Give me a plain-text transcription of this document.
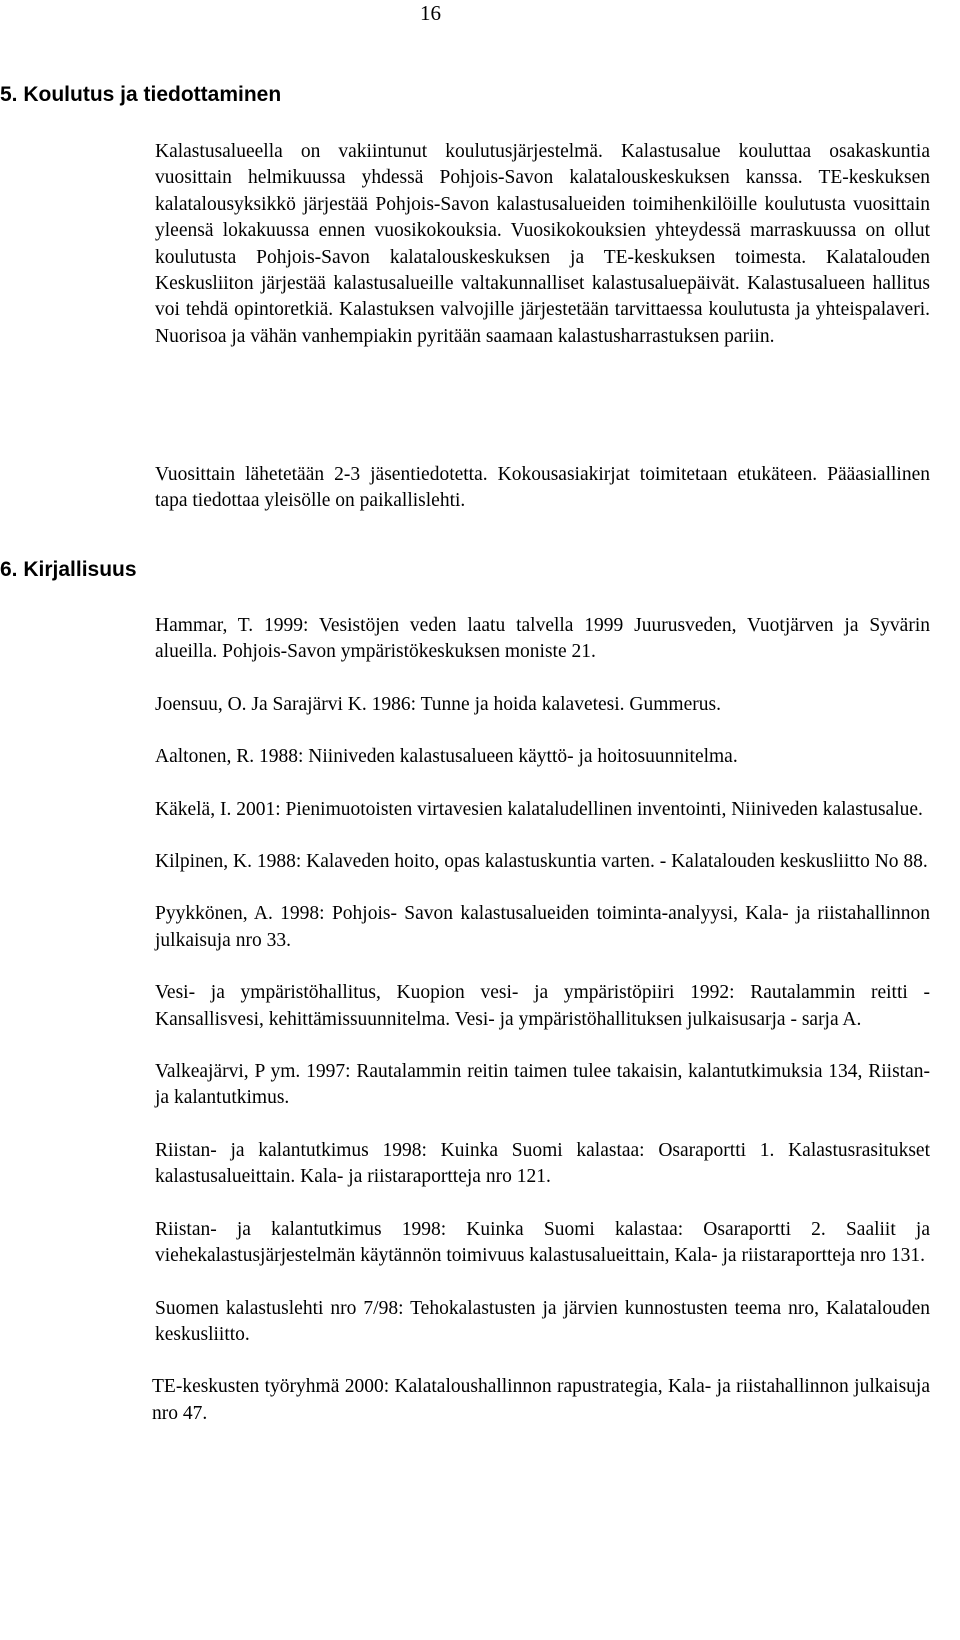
16
5. Koulutus ja tiedottaminen

Kalastusalueella on vakiintunut koulutusjärjestelmä. Kalastusalue kouluttaa osakaskuntia vuosittain helmikuussa yhdessä Pohjois-Savon kalatalouskeskuksen kanssa. TE-keskuksen kalatalousyksikkö järjestää Pohjois-Savon kalastusalueiden toimihenkilöille koulutusta vuosittain yleensä lokakuussa ennen vuosikokouksia. Vuosikokouksien yhteydessä marraskuussa on ollut koulutusta Pohjois-Savon kalatalouskeskuksen ja TE-keskuksen toimesta. Kalatalouden Keskusliiton järjestää kalastusalueille valtakunnalliset kalastusaluepäivät. Kalastusalueen hallitus voi tehdä opintoretkiä. Kalastuksen valvojille järjestetään tarvittaessa koulutusta ja yhteispalaveri. Nuorisoa ja vähän vanhempiakin pyritään saamaan kalastusharrastuksen pariin.

Vuosittain lähetetään 2-3 jäsentiedotetta. Kokousasiakirjat toimitetaan etukäteen. Pääasiallinen tapa tiedottaa yleisölle on paikallislehti.

6. Kirjallisuus
Hammar, T. 1999: Vesistöjen veden laatu talvella 1999 Juurusveden, Vuotjärven ja Syvärin alueilla. Pohjois-Savon ympäristökeskuksen moniste 21.
Joensuu, O. Ja Sarajärvi K. 1986: Tunne ja hoida kalavetesi. Gummerus.
Aaltonen, R. 1988: Niiniveden kalastusalueen käyttö- ja hoitosuunnitelma.
Käkelä, I. 2001: Pienimuotoisten virtavesien kalataludellinen inventointi, Niiniveden kalastusalue.
Kilpinen, K. 1988: Kalaveden hoito, opas kalastuskuntia varten. - Kalatalouden keskusliitto No 88.
Pyykkönen, A. 1998: Pohjois- Savon kalastusalueiden toiminta-analyysi, Kala- ja riistahallinnon julkaisuja nro 33.
Vesi- ja ympäristöhallitus, Kuopion vesi- ja ympäristöpiiri 1992: Rautalammin reitti - Kansallisvesi, kehittämissuunnitelma. Vesi- ja ympäristöhallituksen julkaisusarja - sarja A.
Valkeajärvi, P ym. 1997: Rautalammin reitin taimen tulee takaisin, kalantutkimuksia 134, Riistan- ja kalantutkimus.
Riistan- ja kalantutkimus 1998: Kuinka Suomi kalastaa: Osaraportti 1. Kalastusrasitukset kalastusalueittain. Kala- ja riistaraportteja nro 121.
Riistan- ja kalantutkimus 1998: Kuinka Suomi kalastaa: Osaraportti 2. Saaliit ja viehekalastusjärjestelmän käytännön toimivuus kalastusalueittain, Kala- ja riistaraportteja nro 131.
Suomen kalastuslehti nro 7/98: Tehokalastusten ja järvien kunnostusten teema nro, Kalatalouden keskusliitto.
TE-keskusten työryhmä 2000: Kalataloushallinnon rapustrategia, Kala- ja riistahallinnon julkaisuja nro 47.
